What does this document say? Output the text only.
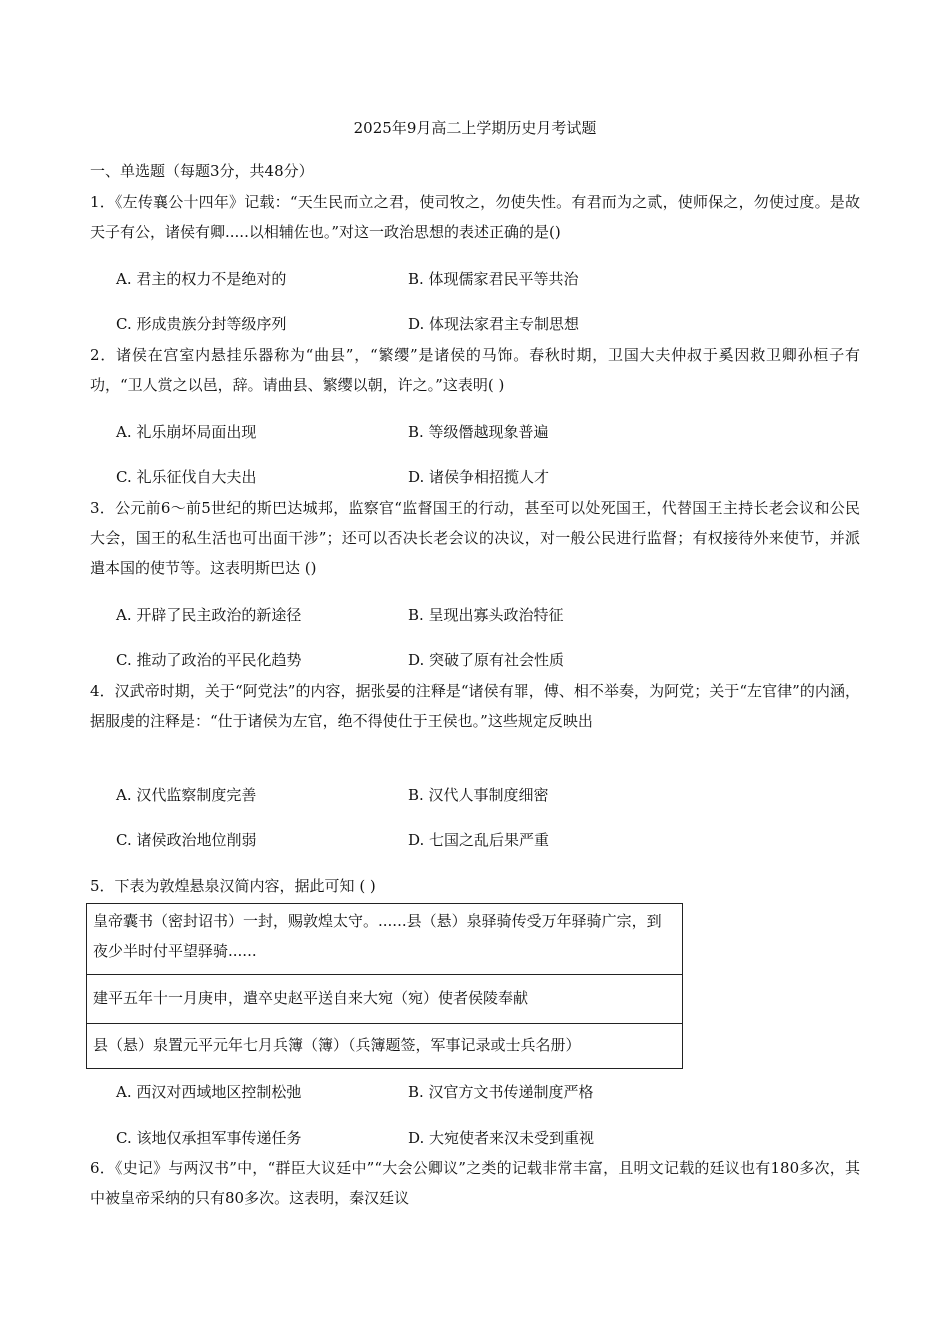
2025年9月高二上学期历史月考试题
一、单选题（每题3分，共48分）
1．《左传襄公十四年》记载：“天生民而立之君，使司牧之，勿使失性。有君而为之贰，使师保之，勿使过度。是故天子有公，诸侯有卿.....以相辅佐也。”对这一政治思想的表述正确的是()
A. 君主的权力不是绝对的	B. 体现儒家君民平等共治
C. 形成贵族分封等级序列	D. 体现法家君主专制思想
2．诸侯在宫室内悬挂乐器称为“曲县”，“繁缨”是诸侯的马饰。春秋时期，卫国大夫仲叔于奚因救卫卿孙桓子有功，“卫人赏之以邑，辞。请曲县、繁缨以朝，许之。”这表明( )
A. 礼乐崩坏局面出现	B. 等级僭越现象普遍
C. 礼乐征伐自大夫出	D. 诸侯争相招揽人才
3．公元前6～前5世纪的斯巴达城邦，监察官“监督国王的行动，甚至可以处死国王，代替国王主持长老会议和公民大会，国王的私生活也可出面干涉”；还可以否决长老会议的决议，对一般公民进行监督；有权接待外来使节，并派遣本国的使节等。这表明斯巴达 ()
A. 开辟了民主政治的新途径	B. 呈现出寡头政治特征
C. 推动了政治的平民化趋势	D. 突破了原有社会性质
4．汉武帝时期，关于“阿党法”的内容，据张晏的注释是“诸侯有罪，傅、相不举奏，为阿党；关于“左官律”的内涵，据服虔的注释是：“仕于诸侯为左官，绝不得使仕于王侯也。”这些规定反映出
A. 汉代监察制度完善	B. 汉代人事制度细密
C. 诸侯政治地位削弱	D. 七国之乱后果严重
5．下表为敦煌悬泉汉简内容，据此可知 ( )
皇帝囊书（密封诏书）一封，赐敦煌太守。......县（悬）泉驿骑传受万年驿骑广宗，到夜少半时付平望驿骑......
建平五年十一月庚申，遣卒史赵平送自来大宛（宛）使者侯陵奉献
县（悬）泉置元平元年七月兵簿（簿）（兵簿题签，军事记录或士兵名册）
A. 西汉对西域地区控制松弛	B. 汉官方文书传递制度严格
C. 该地仅承担军事传递任务	D. 大宛使者来汉未受到重视
6．《史记》与两汉书”中，“群臣大议廷中”“大会公卿议”之类的记载非常丰富，且明文记载的廷议也有180多次，其中被皇帝采纳的只有80多次。这表明，秦汉廷议
